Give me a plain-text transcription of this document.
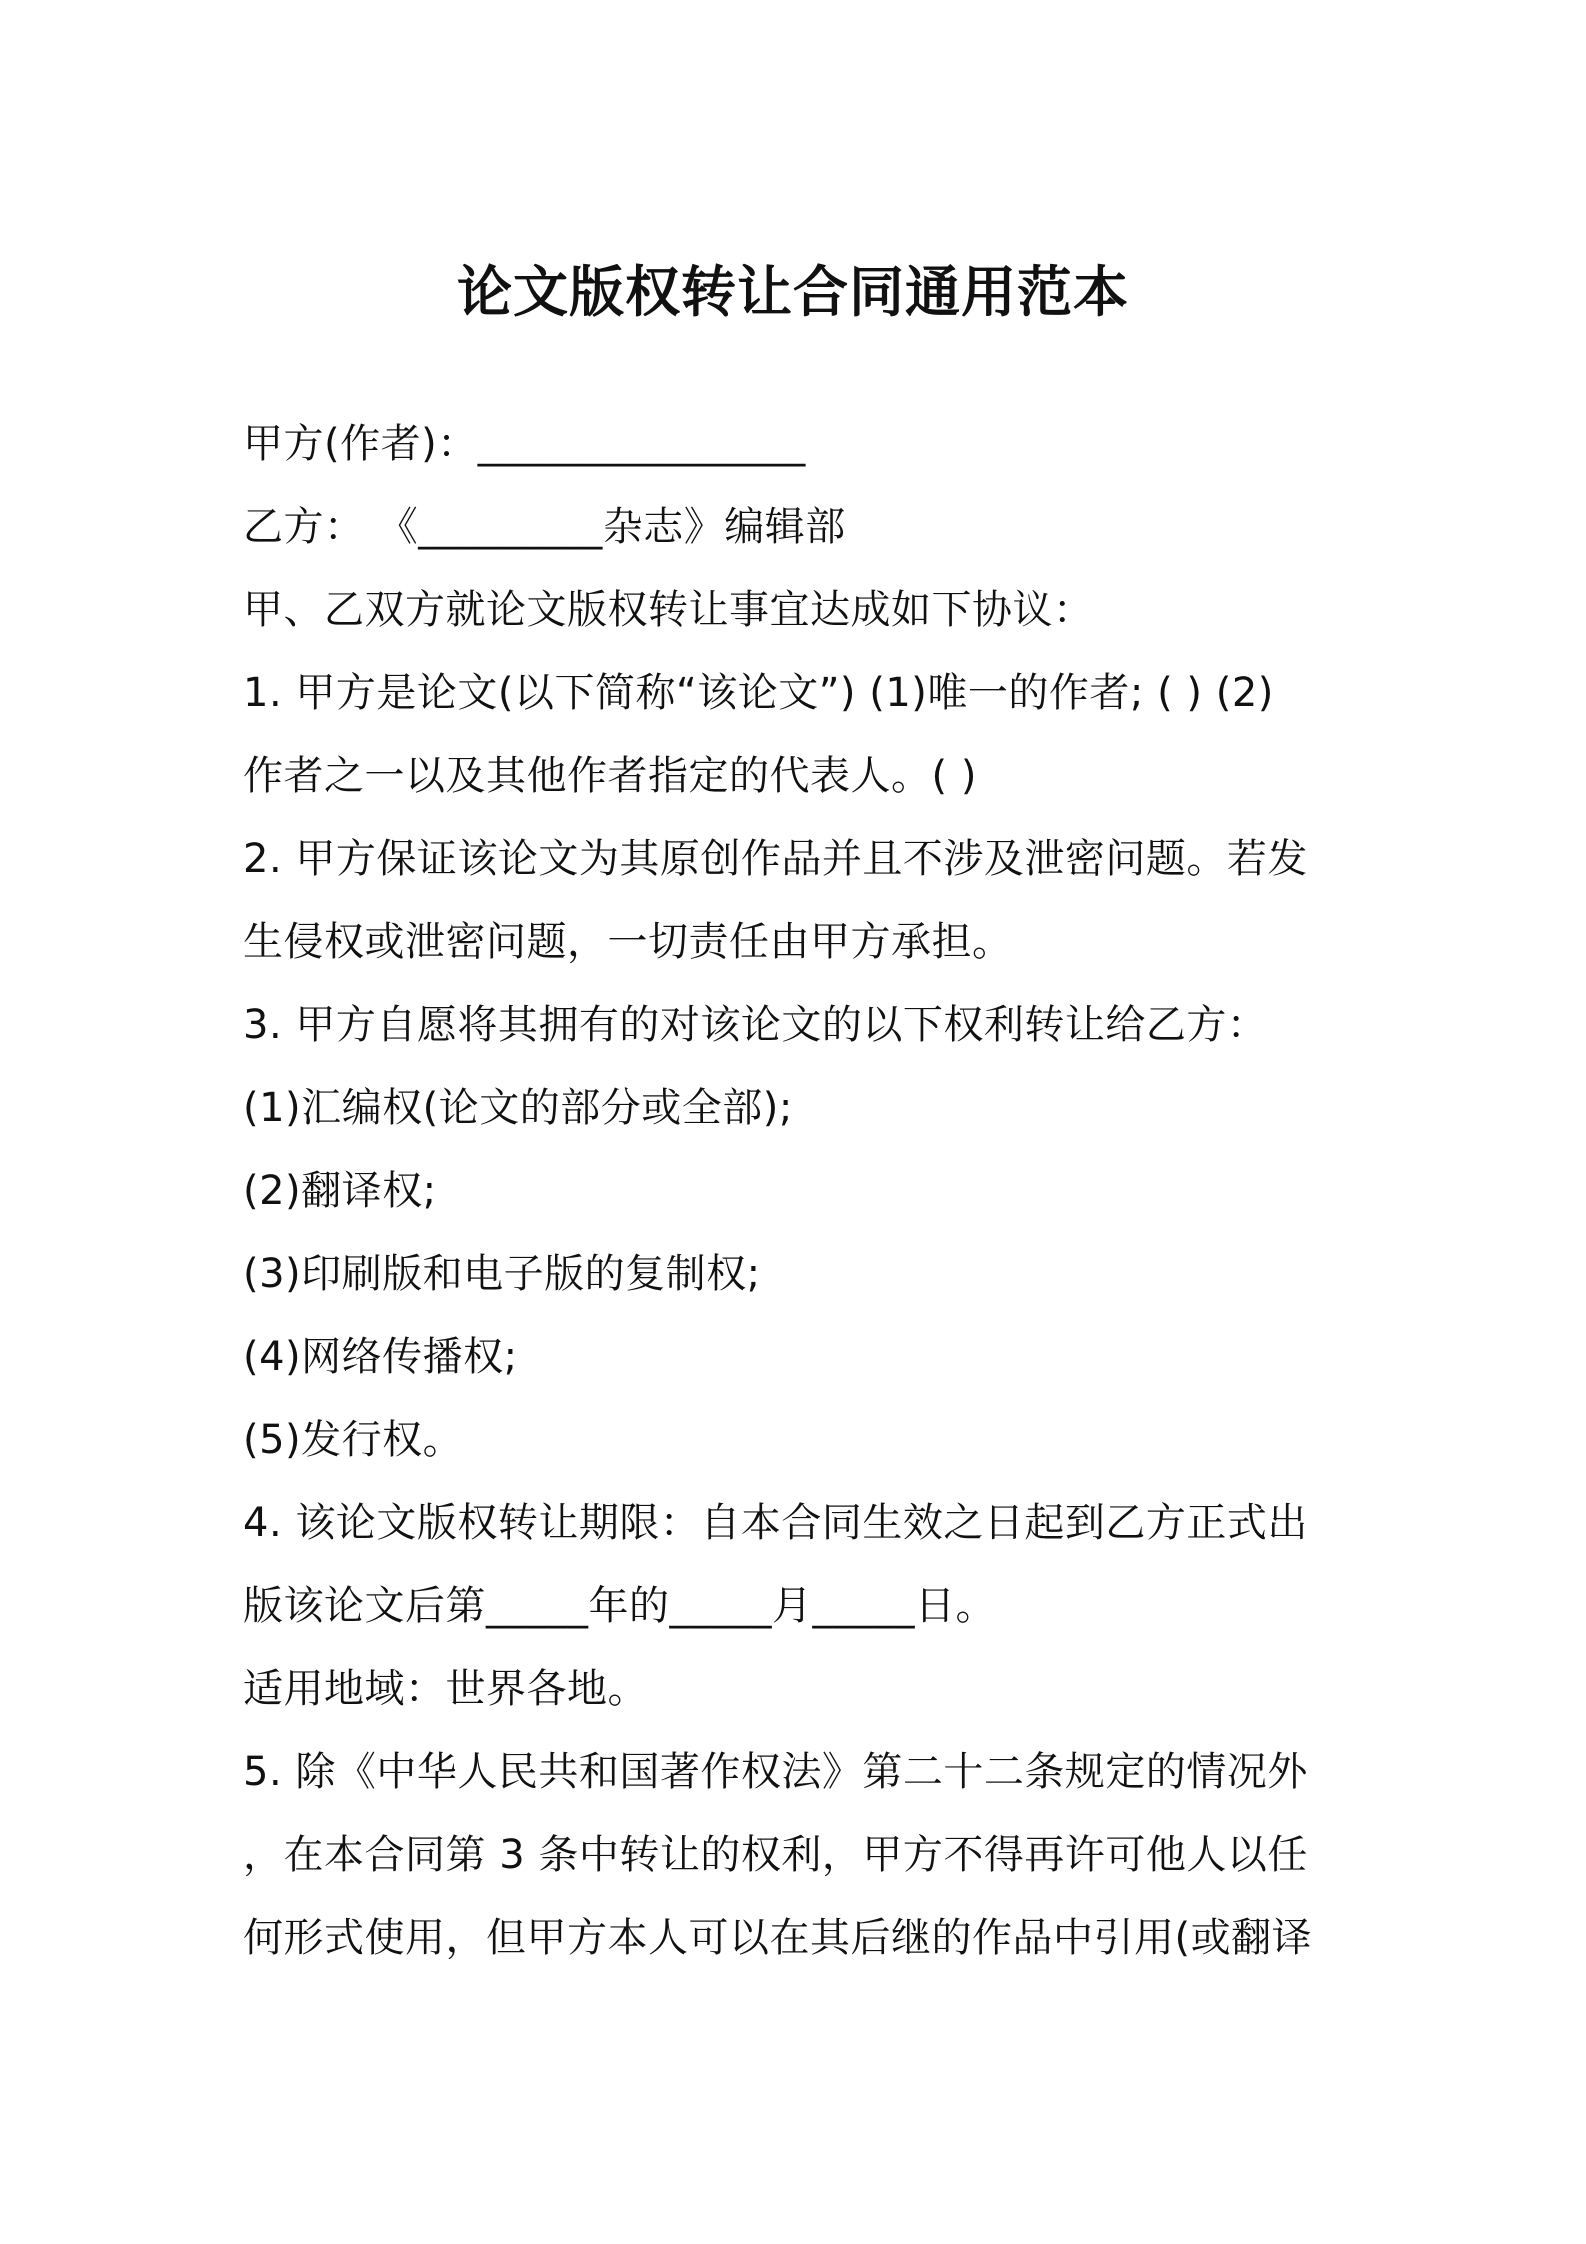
论文版权转让合同通用范本
甲方(作者)：________________
乙方： 《_________杂志》编辑部
甲、乙双方就论文版权转让事宜达成如下协议：
1. 甲方是论文(以下简称“该论文”) (1)唯一的作者; ( ) (2)
作者之一以及其他作者指定的代表人。( )
2. 甲方保证该论文为其原创作品并且不涉及泄密问题。若发
生侵权或泄密问题，一切责任由甲方承担。
3. 甲方自愿将其拥有的对该论文的以下权利转让给乙方：
(1)汇编权(论文的部分或全部);
(2)翻译权;
(3)印刷版和电子版的复制权;
(4)网络传播权;
(5)发行权。
4. 该论文版权转让期限：自本合同生效之日起到乙方正式出
版该论文后第_____年的_____月_____日。
适用地域：世界各地。
5. 除《中华人民共和国著作权法》第二十二条规定的情况外
，在本合同第 3 条中转让的权利，甲方不得再许可他人以任
何形式使用，但甲方本人可以在其后继的作品中引用(或翻译
